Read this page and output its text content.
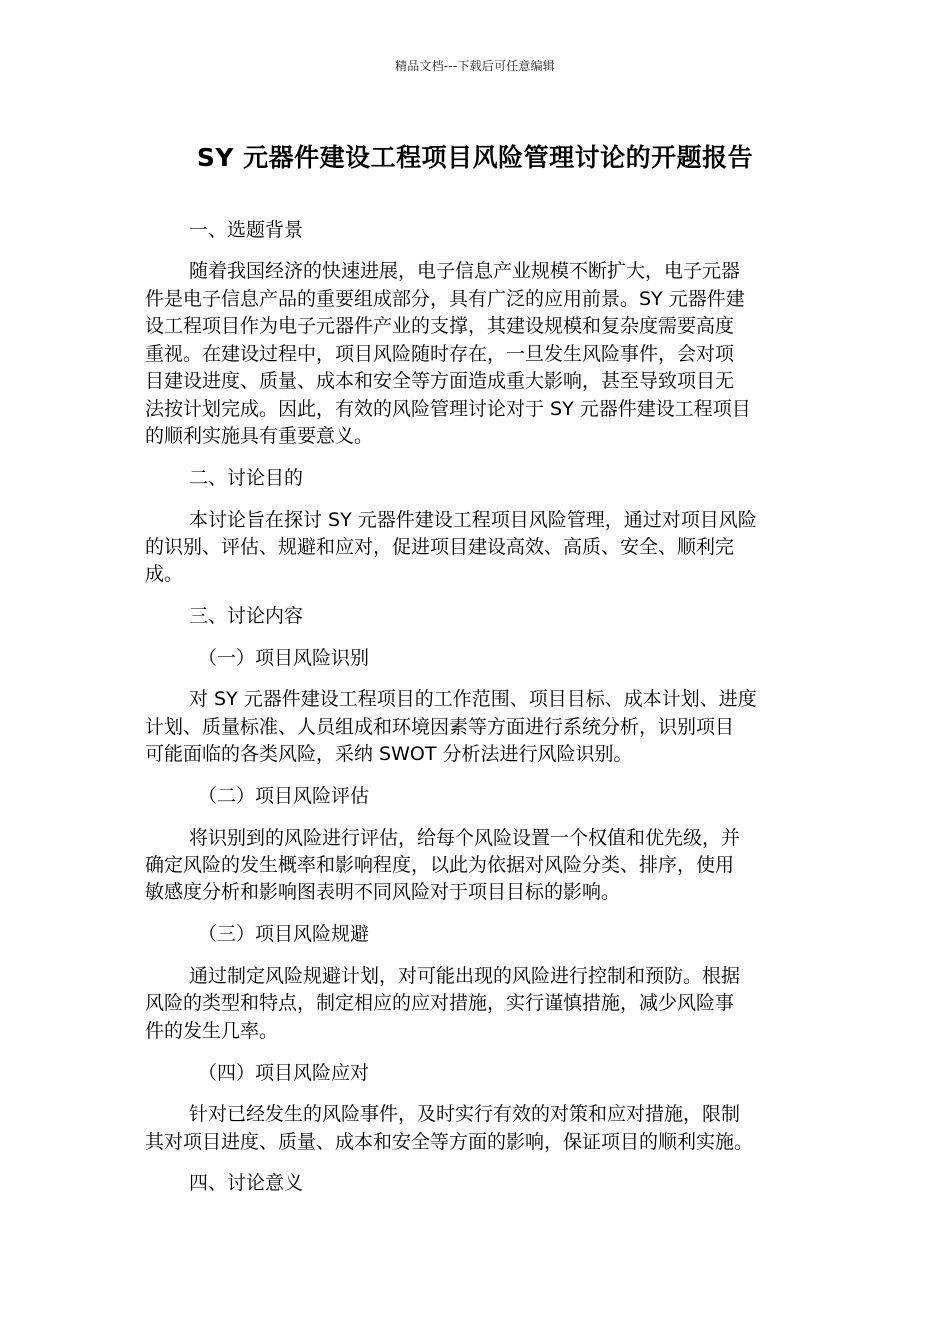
精品文档---下载后可任意编辑
SY 元器件建设工程项目风险管理讨论的开题报告
一、选题背景
随着我国经济的快速进展，电子信息产业规模不断扩大，电子元器
件是电子信息产品的重要组成部分，具有广泛的应用前景。SY 元器件建
设工程项目作为电子元器件产业的支撑，其建设规模和复杂度需要高度
重视。在建设过程中，项目风险随时存在，一旦发生风险事件，会对项
目建设进度、质量、成本和安全等方面造成重大影响，甚至导致项目无
法按计划完成。因此，有效的风险管理讨论对于 SY 元器件建设工程项目
的顺利实施具有重要意义。
二、讨论目的
本讨论旨在探讨 SY 元器件建设工程项目风险管理，通过对项目风险
的识别、评估、规避和应对，促进项目建设高效、高质、安全、顺利完
成。
三、讨论内容
（一）项目风险识别
对 SY 元器件建设工程项目的工作范围、项目目标、成本计划、进度
计划、质量标准、人员组成和环境因素等方面进行系统分析，识别项目
可能面临的各类风险，采纳 SWOT 分析法进行风险识别。
（二）项目风险评估
将识别到的风险进行评估，给每个风险设置一个权值和优先级，并
确定风险的发生概率和影响程度，以此为依据对风险分类、排序，使用
敏感度分析和影响图表明不同风险对于项目目标的影响。
（三）项目风险规避
通过制定风险规避计划，对可能出现的风险进行控制和预防。根据
风险的类型和特点，制定相应的应对措施，实行谨慎措施，减少风险事
件的发生几率。
（四）项目风险应对
针对已经发生的风险事件，及时实行有效的对策和应对措施，限制
其对项目进度、质量、成本和安全等方面的影响，保证项目的顺利实施。
四、讨论意义
